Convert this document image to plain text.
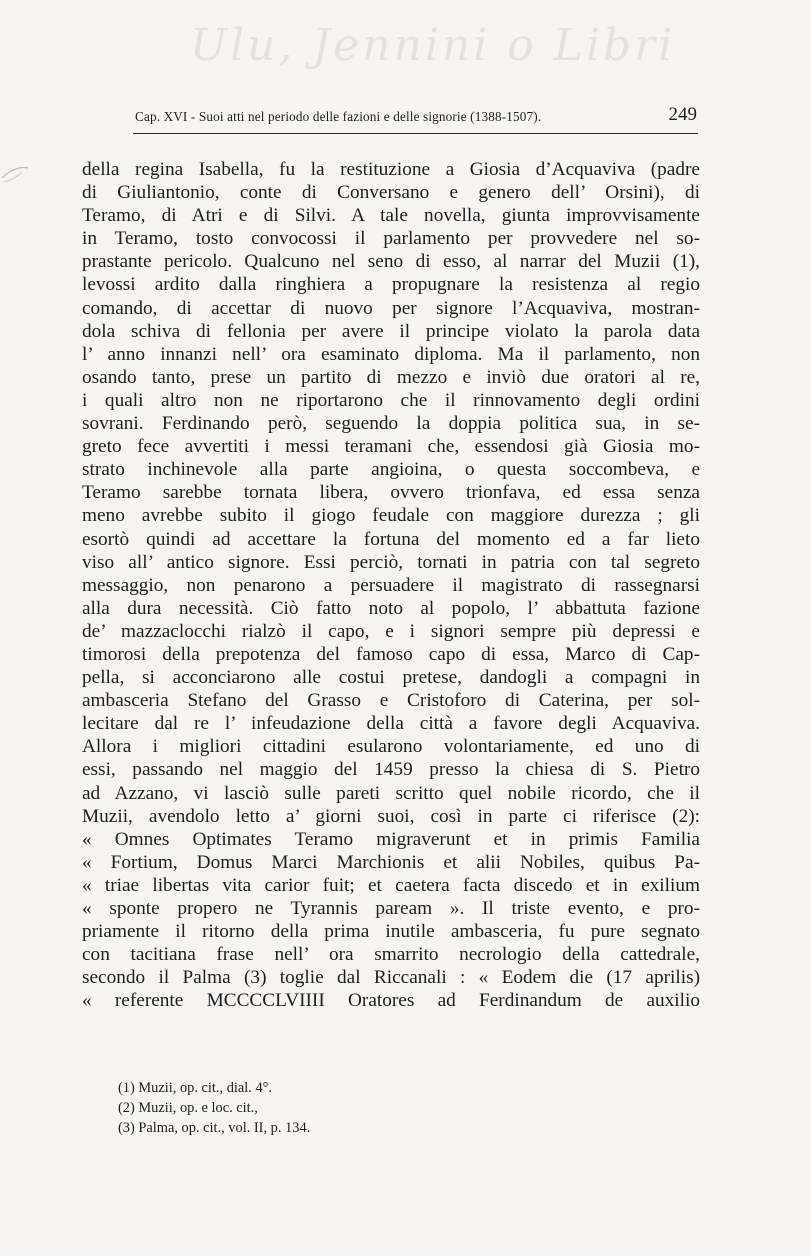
Ulu, Jennini o Libri
Cap. XVI - Suoi atti nel periodo delle fazioni e delle signorie (1388-1507).	249
della regina Isabella, fu la restituzione a Giosia d’Acquaviva (padre
di Giuliantonio, conte di Conversano e genero dell’ Orsini), di
Teramo, di Atri e di Silvi. A tale novella, giunta improvvisamente
in Teramo, tosto convocossi il parlamento per provvedere nel so-
prastante pericolo. Qualcuno nel seno di esso, al narrar del Muzii (1),
levossi ardito dalla ringhiera a propugnare la resistenza al regio
comando, di accettar di nuovo per signore l’Acquaviva, mostran-
dola schiva di fellonia per avere il principe violato la parola data
l’ anno innanzi nell’ ora esaminato diploma. Ma il parlamento, non
osando tanto, prese un partito di mezzo e inviò due oratori al re,
i quali altro non ne riportarono che il rinnovamento degli ordini
sovrani. Ferdinando però, seguendo la doppia politica sua, in se-
greto fece avvertiti i messi teramani che, essendosi già Giosia mo-
strato inchinevole alla parte angioina, o questa soccombeva, e
Teramo sarebbe tornata libera, ovvero trionfava, ed essa senza
meno avrebbe subito il giogo feudale con maggiore durezza ; gli
esortò quindi ad accettare la fortuna del momento ed a far lieto
viso all’ antico signore. Essi perciò, tornati in patria con tal segreto
messaggio, non penarono a persuadere il magistrato di rassegnarsi
alla dura necessità. Ciò fatto noto al popolo, l’ abbattuta fazione
de’ mazzaclocchi rialzò il capo, e i signori sempre più depressi e
timorosi della prepotenza del famoso capo di essa, Marco di Cap-
pella, si acconciarono alle costui pretese, dandogli a compagni in
ambasceria Stefano del Grasso e Cristoforo di Caterina, per sol-
lecitare dal re l’ infeudazione della città a favore degli Acquaviva.
Allora i migliori cittadini esularono volontariamente, ed uno di
essi, passando nel maggio del 1459 presso la chiesa di S. Pietro
ad Azzano, vi lasciò sulle pareti scritto quel nobile ricordo, che il
Muzii, avendolo letto a’ giorni suoi, così in parte ci riferisce (2):
« Omnes Optimates Teramo migraverunt et in primis Familia
« Fortium, Domus Marci Marchionis et alii Nobiles, quibus Pa-
« triae libertas vita carior fuit; et caetera facta discedo et in exilium
« sponte propero ne Tyrannis paream ». Il triste evento, e pro-
priamente il ritorno della prima inutile ambasceria, fu pure segnato
con tacitiana frase nell’ ora smarrito necrologio della cattedrale,
secondo il Palma (3) toglie dal Riccanali : « Eodem die (17 aprilis)
« referente MCCCCLVIIII Oratores ad Ferdinandum de auxilio
(1) Muzii, op. cit., dial. 4°.
(2) Muzii, op. e loc. cit.,
(3) Palma, op. cit., vol. II, p. 134.
